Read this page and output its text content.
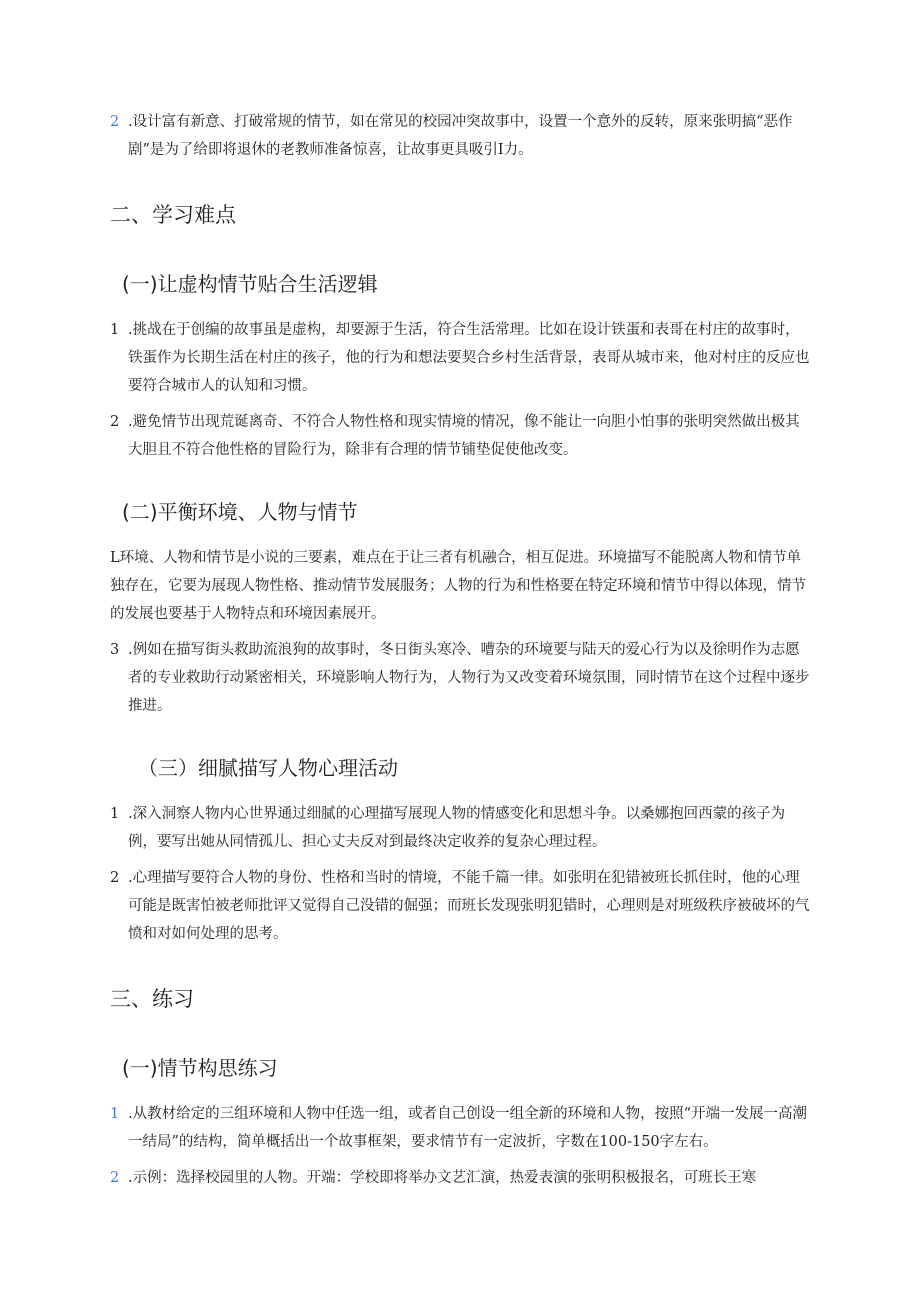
2 .设计富有新意、打破常规的情节，如在常见的校园冲突故事中，设置一个意外的反转，原来张明搞“恶作剧”是为了给即将退休的老教师准备惊喜，让故事更具吸引I力。
二、学习难点
(一)让虚构情节贴合生活逻辑
1 .挑战在于创编的故事虽是虚构，却要源于生活，符合生活常理。比如在设计铁蛋和表哥在村庄的故事时，铁蛋作为长期生活在村庄的孩子，他的行为和想法要契合乡村生活背景，表哥从城市来，他对村庄的反应也要符合城市人的认知和习惯。
2 .避免情节出现荒诞离奇、不符合人物性格和现实情境的情况，像不能让一向胆小怕事的张明突然做出极其大胆且不符合他性格的冒险行为，除非有合理的情节铺垫促使他改变。
(二)平衡环境、人物与情节
L环境、人物和情节是小说的三要素，难点在于让三者有机融合，相互促进。环境描写不能脱离人物和情节单独存在，它要为展现人物性格、推动情节发展服务；人物的行为和性格要在特定环境和情节中得以体现，情节的发展也要基于人物特点和环境因素展开。
3 .例如在描写街头救助流浪狗的故事时，冬日街头寒冷、嘈杂的环境要与陆天的爱心行为以及徐明作为志愿者的专业救助行动紧密相关，环境影响人物行为，人物行为又改变着环境氛围，同时情节在这个过程中逐步推进。
（三）细腻描写人物心理活动
1 .深入洞察人物内心世界通过细腻的心理描写展现人物的情感变化和思想斗争。以桑娜抱回西蒙的孩子为例，要写出她从同情孤儿、担心丈夫反对到最终决定收养的复杂心理过程。
2 .心理描写要符合人物的身份、性格和当时的情境，不能千篇一律。如张明在犯错被班长抓住时，他的心理可能是既害怕被老师批评又觉得自己没错的倔强；而班长发现张明犯错时，心理则是对班级秩序被破坏的气愤和对如何处理的思考。
三、练习
(一)情节构思练习
1 .从教材给定的三组环境和人物中任选一组，或者自己创设一组全新的环境和人物，按照“开端一发展一高潮一结局”的结构，简单概括出一个故事框架，要求情节有一定波折，字数在100-150字左右。
2 .示例：选择校园里的人物。开端：学校即将举办文艺汇演，热爱表演的张明积极报名，可班长王寒
